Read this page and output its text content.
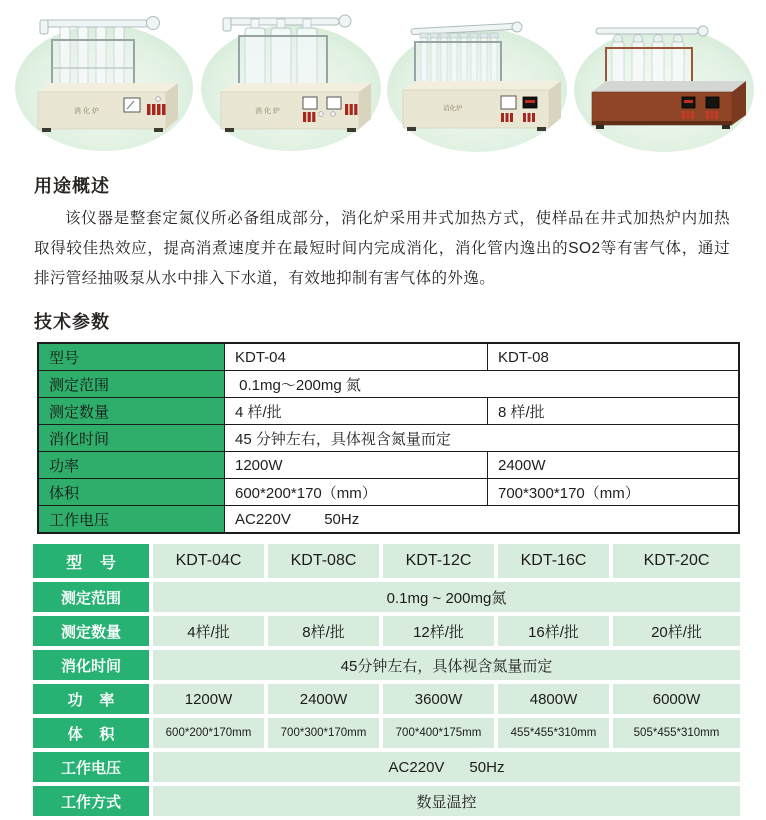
消 化 炉	消 化 炉	消化炉
用途概述

该仪器是整套定氮仪所必备组成部分，消化炉采用井式加热方式，使样品在井式加热炉内加热取得较佳热效应，提高消煮速度并在最短时间内完成消化，消化管内逸出的SO2等有害气体，通过排污管经抽吸泵从水中排入下水道，有效地抑制有害气体的外逸。

技术参数
型号	KDT-04	KDT-08
测定范围	0.1mg～200mg 氮	
测定数量	4 样/批	8 样/批
消化时间	45 分钟左右，具体视含氮量而定	
功率	1200W	2400W
体积	600*200*170（mm）	700*300*170（mm）
工作电压	AC220V        50Hz	
型    号	KDT-04C	KDT-08C	KDT-12C	KDT-16C	KDT-20C
测定范围	0.1mg ~ 200mg氮				
测定数量	4样/批	8样/批	12样/批	16样/批	20样/批
消化时间	45分钟左右，具体视含氮量而定				
功    率	1200W	2400W	3600W	4800W	6000W
体    积	600*200*170mm	700*300*170mm	700*400*175mm	455*455*310mm	505*455*310mm
工作电压	AC220V      50Hz				
工作方式	数显温控				
